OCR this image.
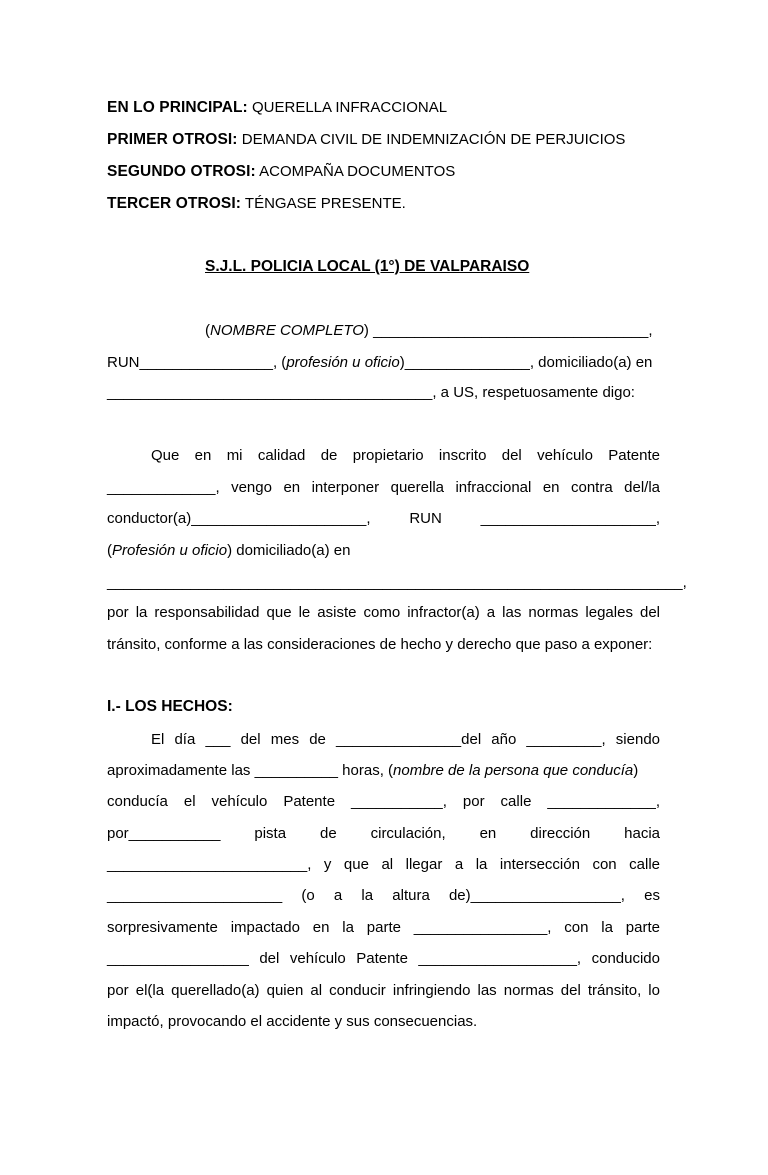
EN LO PRINCIPAL: QUERELLA INFRACCIONAL
PRIMER OTROSI: DEMANDA CIVIL DE INDEMNIZACIÓN DE PERJUICIOS
SEGUNDO OTROSI: ACOMPAÑA DOCUMENTOS
TERCER OTROSI: TÉNGASE PRESENTE.
S.J.L. POLICIA LOCAL (1°) DE VALPARAISO
(NOMBRE COMPLETO) _________________________________,
RUN________________, (profesión u oficio)_______________, domiciliado(a) en
_______________________________________, a US, respetuosamente digo:
Que en mi calidad de propietario inscrito del vehículo Patente
_____________, vengo en interponer querella infraccional en contra del/la
conductor(a)_____________________, RUN _____________________,
(Profesión u oficio) domiciliado(a) en
_____________________________________________________________________,
por la responsabilidad que le asiste como infractor(a) a las normas legales del
tránsito, conforme a las consideraciones de hecho y derecho que paso a exponer:
I.- LOS HECHOS:
El día ___ del mes de _______________del año _________, siendo
aproximadamente las __________ horas, (nombre de la persona que conducía)
conducía el vehículo Patente ___________, por calle _____________,
por___________ pista de circulación, en dirección hacia
________________________, y que al llegar a la intersección con calle
_____________________ (o a la altura de)__________________, es
sorpresivamente impactado en la parte ________________, con la parte
_________________ del vehículo Patente ___________________, conducido
por el(la querellado(a) quien al conducir infringiendo las normas del tránsito, lo
impactó, provocando el accidente y sus consecuencias.
